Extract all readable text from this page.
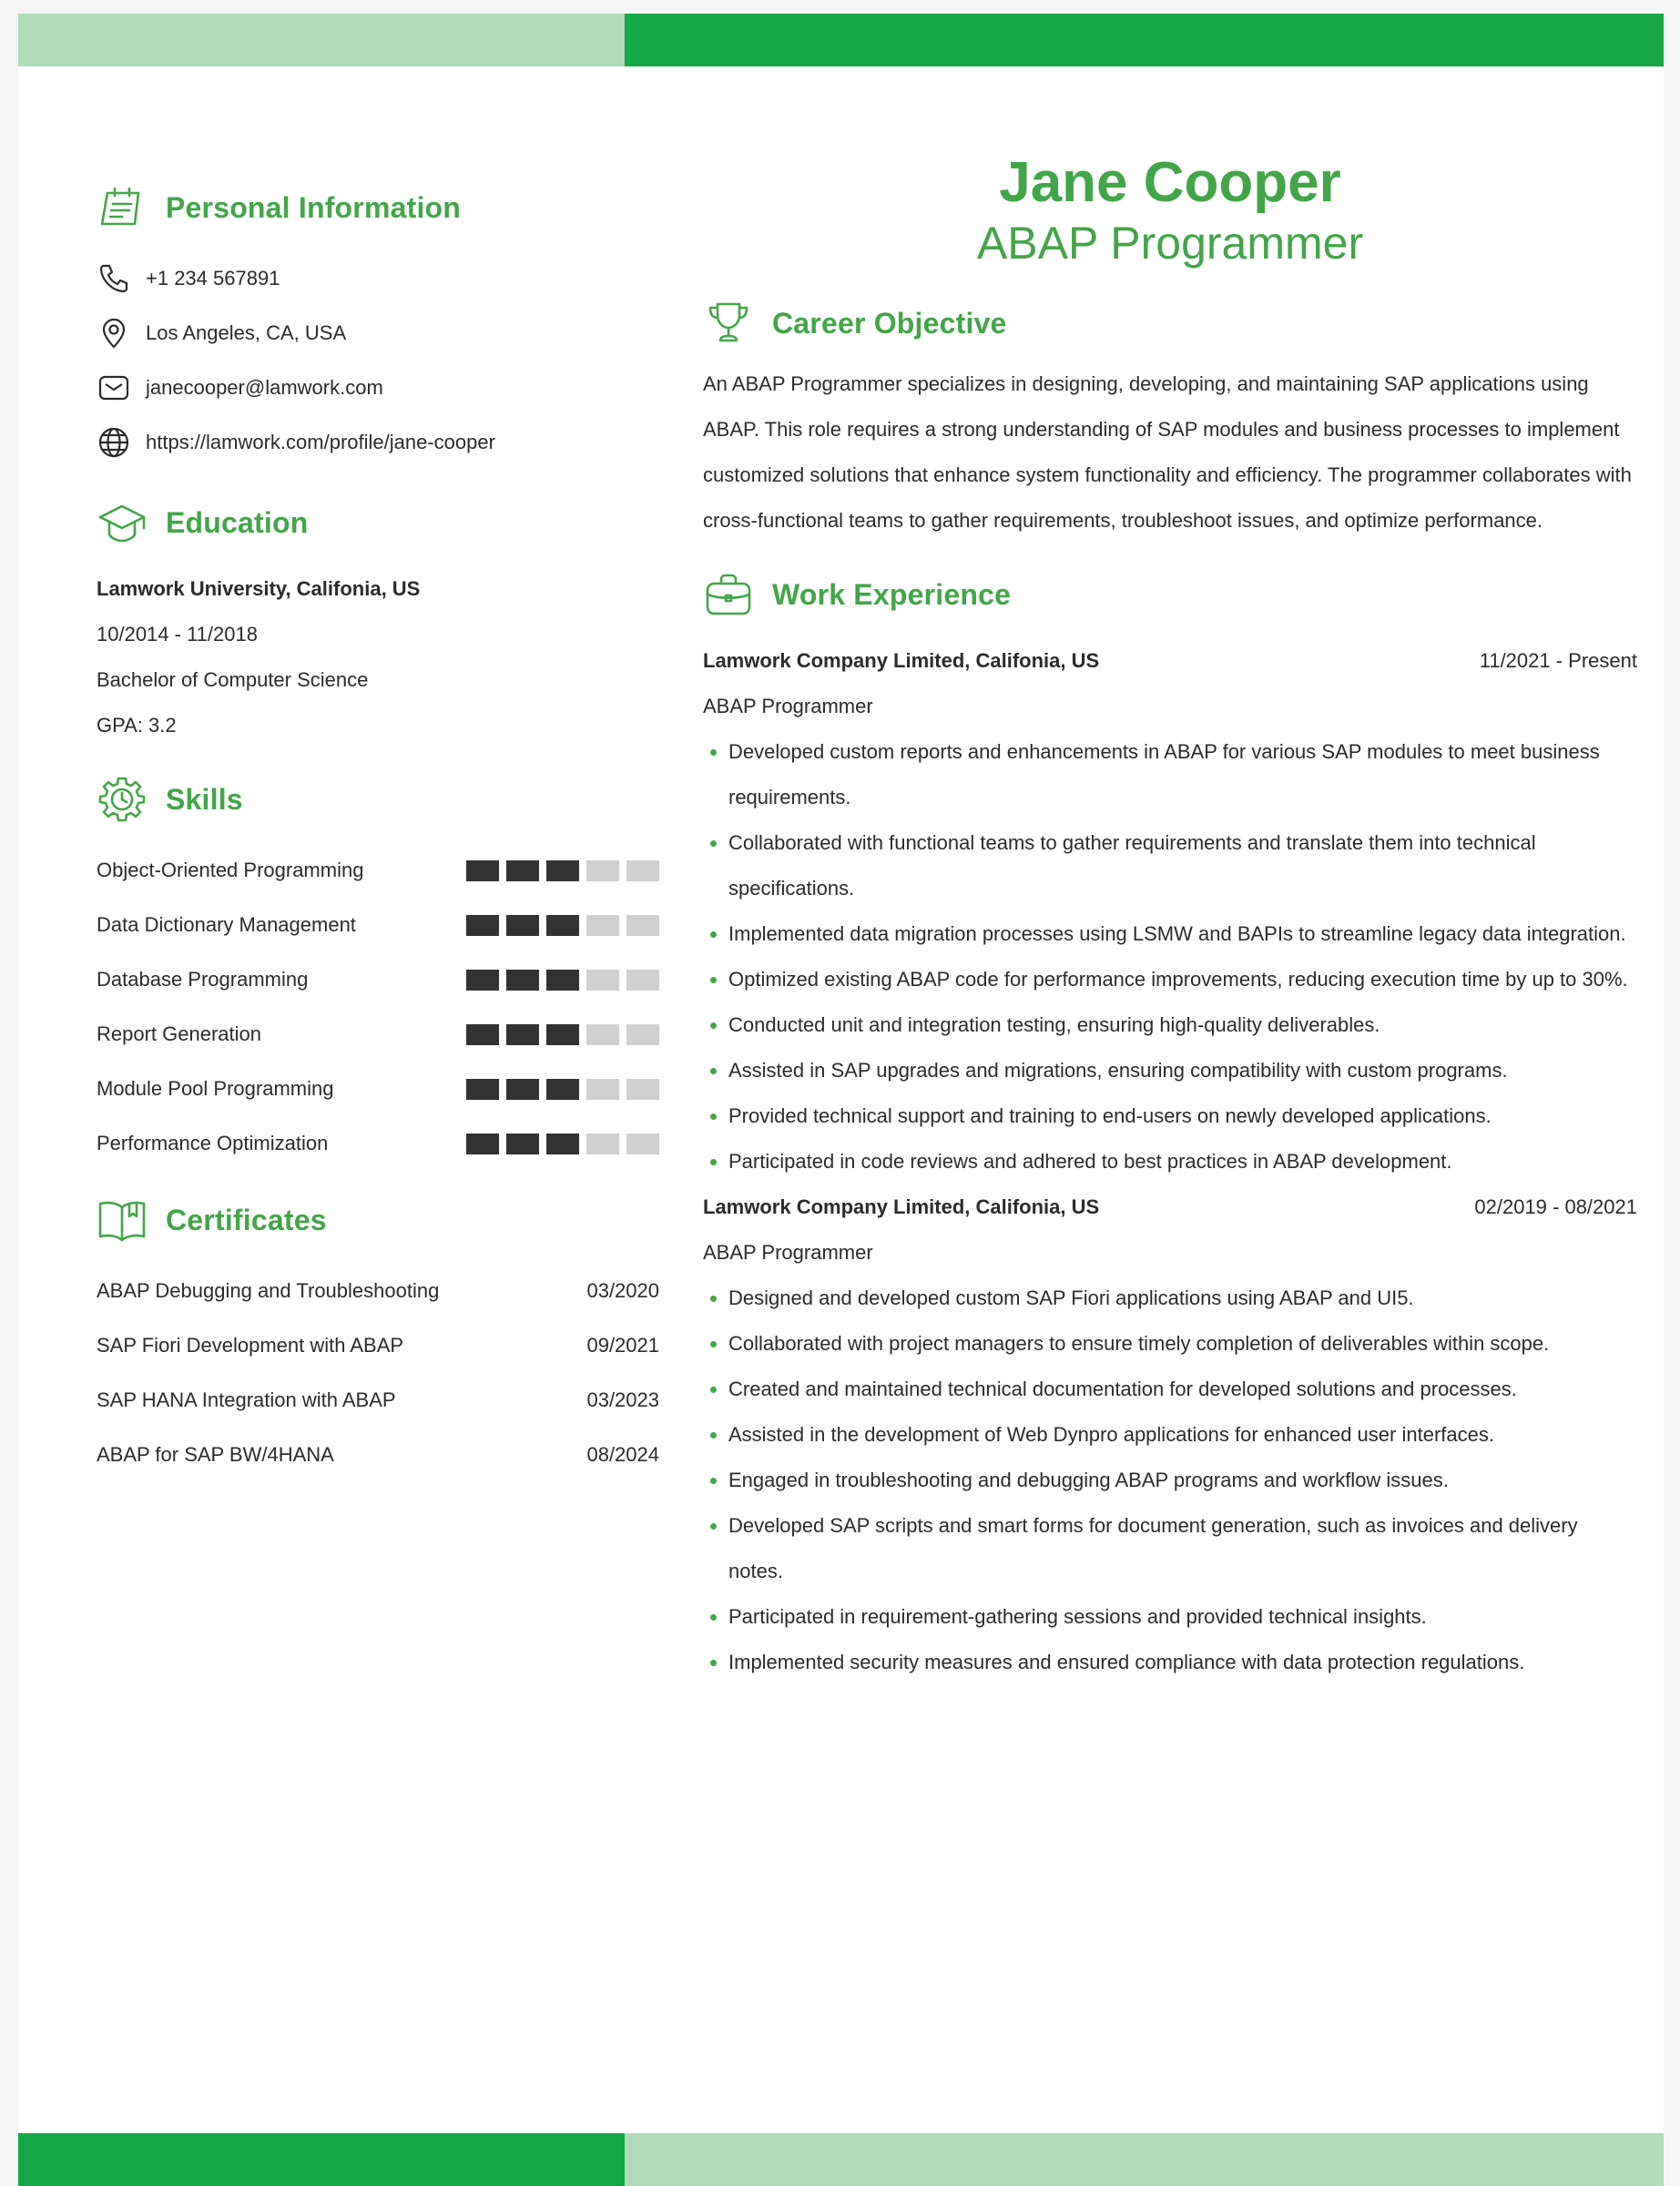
Personal Information
+1 234 567891
Los Angeles, CA, USA
janecooper@lamwork.com
https://lamwork.com/profile/jane-cooper
Education
Lamwork University, Califonia, US
10/2014 - 11/2018
Bachelor of Computer Science
GPA: 3.2
Skills
Object-Oriented Programming
Data Dictionary Management
Database Programming
Report Generation
Module Pool Programming
Performance Optimization
Certificates
ABAP Debugging and Troubleshooting	03/2020
SAP Fiori Development with ABAP	09/2021
SAP HANA Integration with ABAP	03/2023
ABAP for SAP BW/4HANA	08/2024
Jane Cooper
ABAP Programmer
Career Objective
An ABAP Programmer specializes in designing, developing, and maintaining SAP applications using ABAP. This role requires a strong understanding of SAP modules and business processes to implement customized solutions that enhance system functionality and efficiency. The programmer collaborates with cross-functional teams to gather requirements, troubleshoot issues, and optimize performance.
Work Experience
Lamwork Company Limited, Califonia, US	11/2021 - Present
ABAP Programmer
Developed custom reports and enhancements in ABAP for various SAP modules to meet business requirements.
Collaborated with functional teams to gather requirements and translate them into technical specifications.
Implemented data migration processes using LSMW and BAPIs to streamline legacy data integration.
Optimized existing ABAP code for performance improvements, reducing execution time by up to 30%.
Conducted unit and integration testing, ensuring high-quality deliverables.
Assisted in SAP upgrades and migrations, ensuring compatibility with custom programs.
Provided technical support and training to end-users on newly developed applications.
Participated in code reviews and adhered to best practices in ABAP development.
Lamwork Company Limited, Califonia, US	02/2019 - 08/2021
ABAP Programmer
Designed and developed custom SAP Fiori applications using ABAP and UI5.
Collaborated with project managers to ensure timely completion of deliverables within scope.
Created and maintained technical documentation for developed solutions and processes.
Assisted in the development of Web Dynpro applications for enhanced user interfaces.
Engaged in troubleshooting and debugging ABAP programs and workflow issues.
Developed SAP scripts and smart forms for document generation, such as invoices and delivery notes.
Participated in requirement-gathering sessions and provided technical insights.
Implemented security measures and ensured compliance with data protection regulations.
